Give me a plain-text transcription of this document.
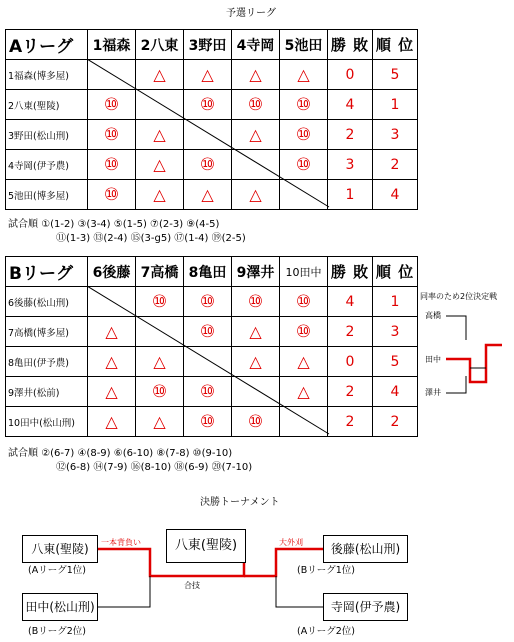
予選リーグ
Aリーグ	1福森	2八東	3野田	4寺岡	5池田	勝 敗	順 位
1福森(博多屋)		△	△	△	△	0	5
2八東(聖陵)	⑩		⑩	⑩	⑩	4	1
3野田(松山刑)	⑩	△		△	⑩	2	3
4寺岡(伊予農)	⑩	△	⑩		⑩	3	2
5池田(博多屋)	⑩	△	△	△		1	4
試合順 ①(1-2) ③(3-4) ⑤(1-5) ⑦(2-3) ⑨(4-5)
⑪(1-3) ⑬(2-4) ⑮(3-g5) ⑰(1-4) ⑲(2-5)
Bリーグ	6後藤	7高橋	8亀田	9澤井	10田中	勝 敗	順 位
6後藤(松山刑)		⑩	⑩	⑩	⑩	4	1
7高橋(博多屋)	△		⑩	△	⑩	2	3
8亀田(伊予農)	△	△		△	△	0	5
9澤井(松前)	△	⑩	⑩		△	2	4
10田中(松山刑)	△	△	⑩	⑩		2	2
試合順 ②(6-7) ④(8-9) ⑥(6-10) ⑧(7-8) ⑩(9-10)
⑫(6-8) ⑭(7-9) ⑯(8-10) ⑱(6-9) ⑳(7-10)
同率のため2位決定戦
高橋
田中
澤井
決勝トーナメント
八東(聖陵)
(Aリーグ1位)
田中(松山刑)
(Bリーグ2位)
八東(聖陵)	後藤(松山刑)
(Bリーグ1位)
寺岡(伊予農)
(Aリーグ2位)
一本背負い	大外刈
合技
